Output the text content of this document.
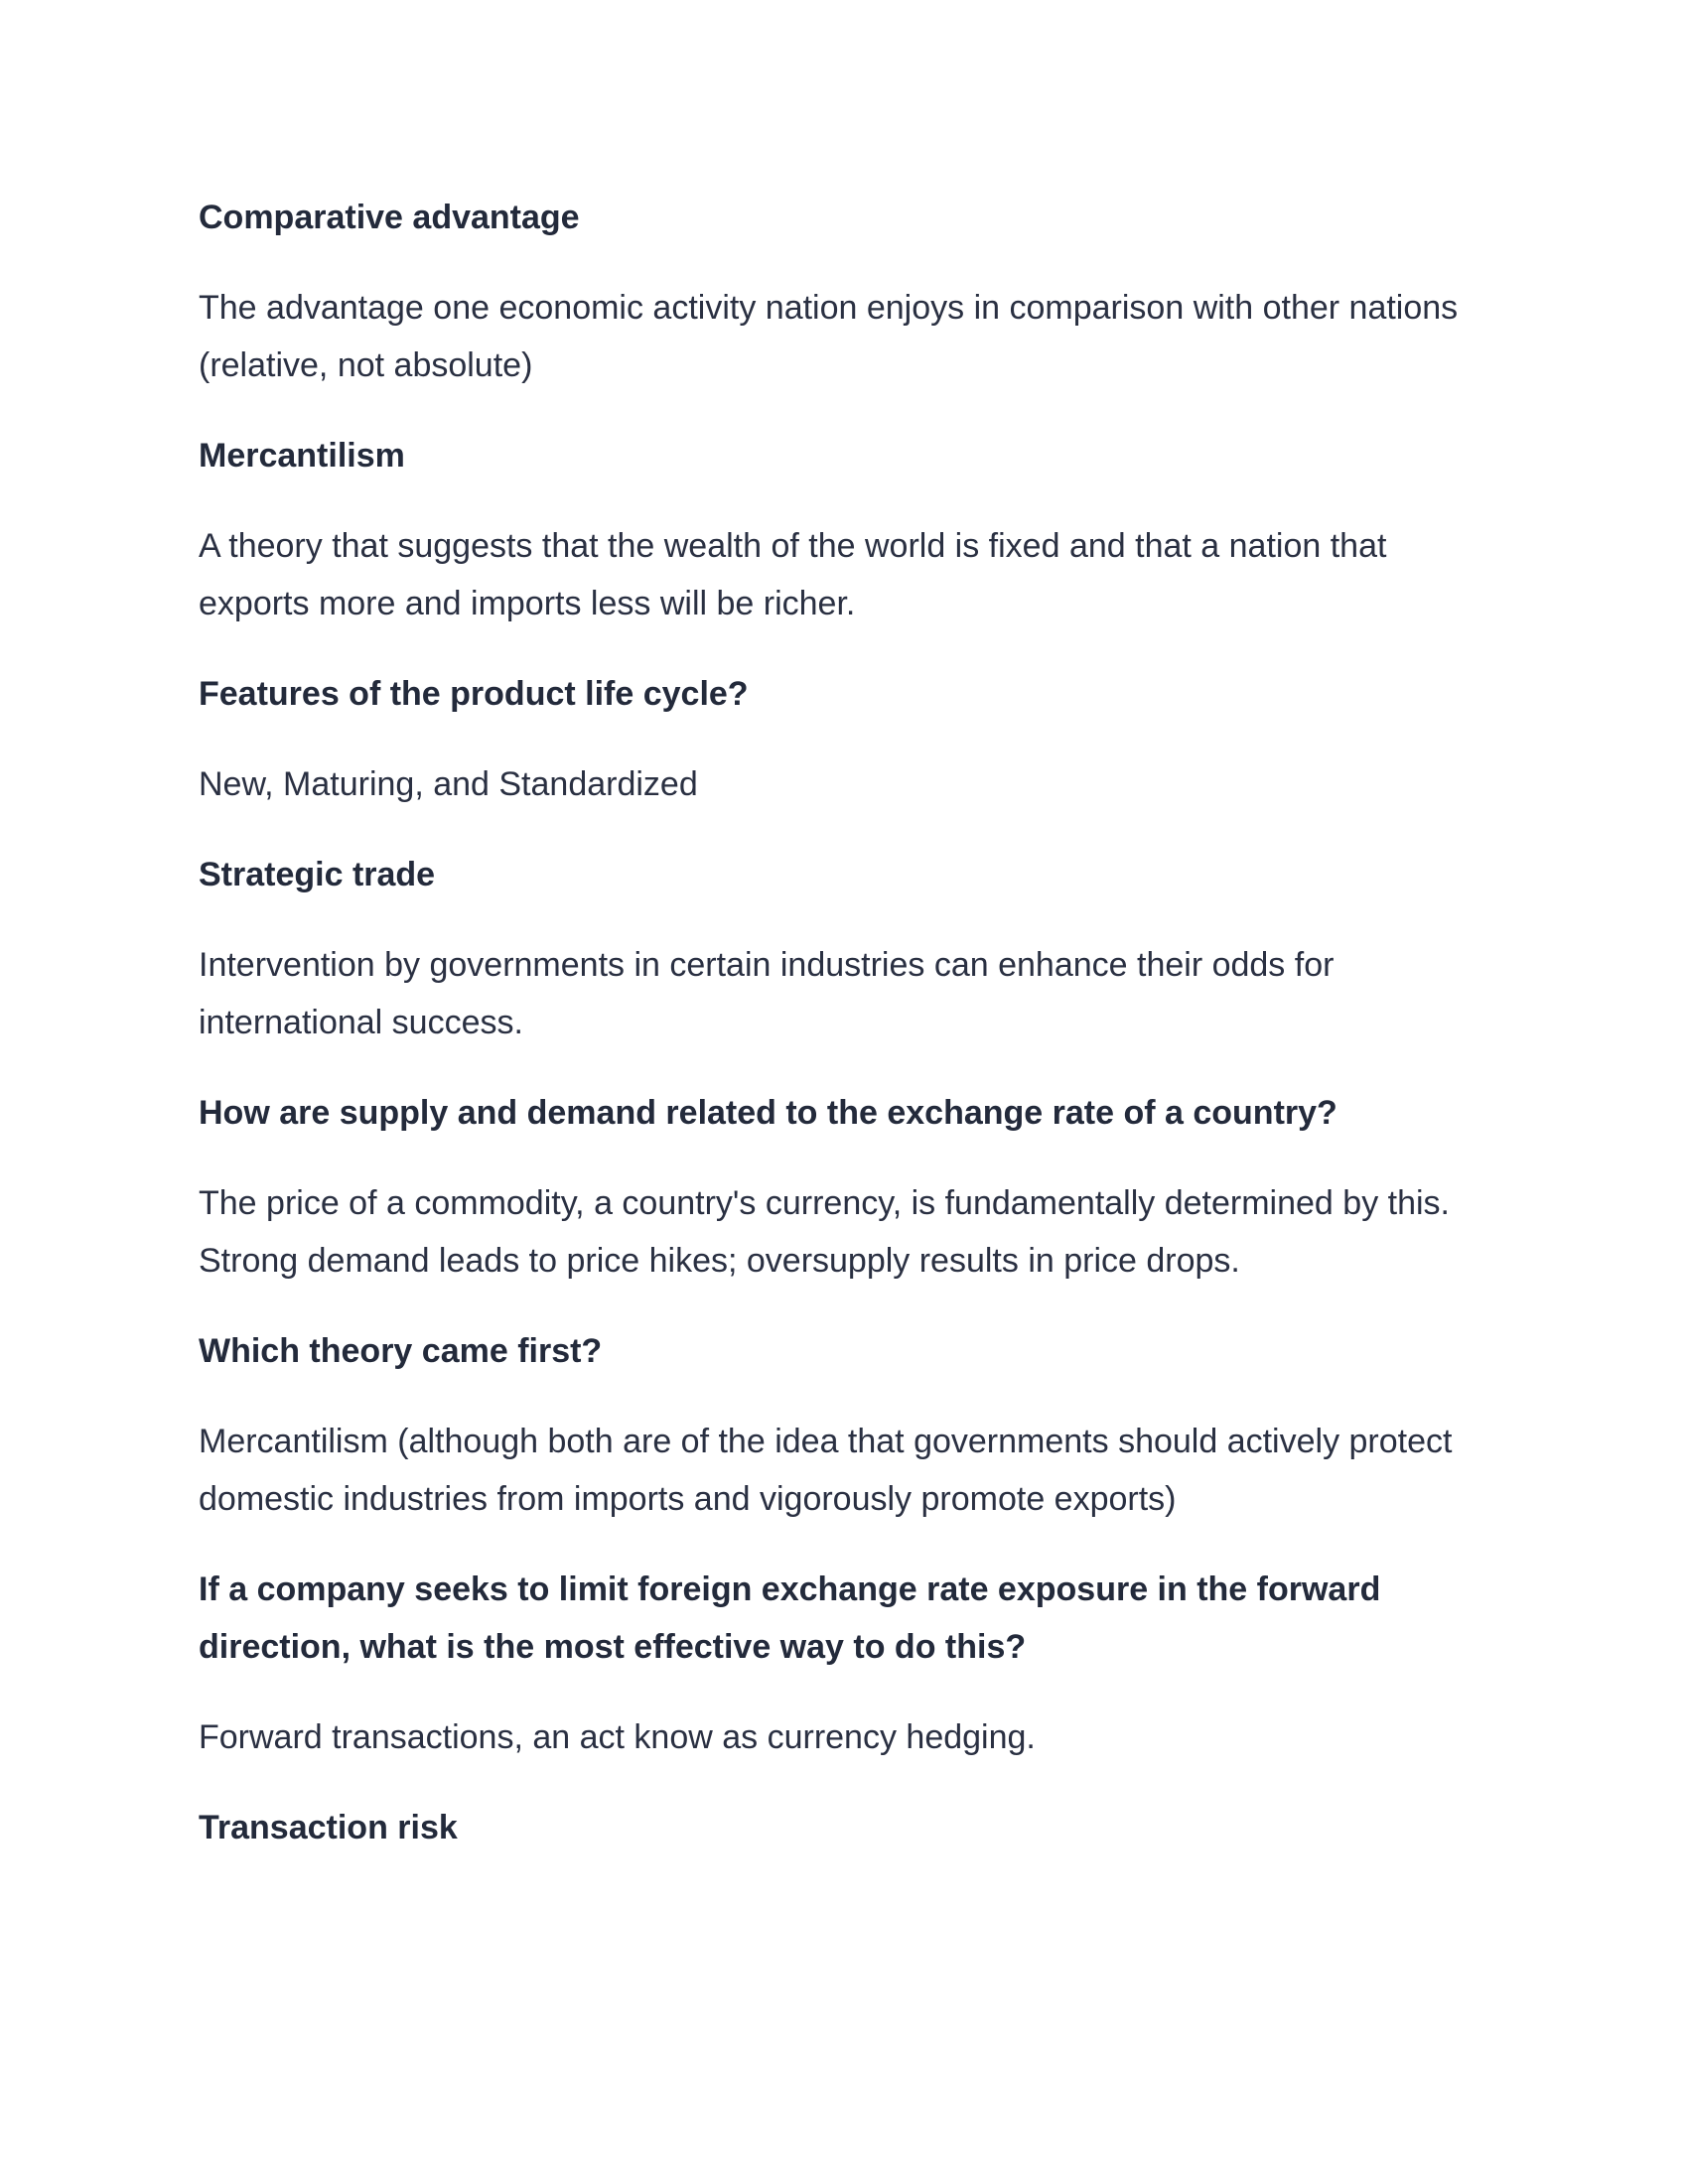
Comparative advantage

The advantage one economic activity nation enjoys in comparison with other nations (relative, not absolute)

Mercantilism

A theory that suggests that the wealth of the world is fixed and that a nation that exports more and imports less will be richer.

Features of the product life cycle?

New, Maturing, and Standardized

Strategic trade

Intervention by governments in certain industries can enhance their odds for international success.

How are supply and demand related to the exchange rate of a country?

The price of a commodity, a country's currency, is fundamentally determined by this. Strong demand leads to price hikes; oversupply results in price drops.

Which theory came first?

Mercantilism (although both are of the idea that governments should actively protect domestic industries from imports and vigorously promote exports)

If a company seeks to limit foreign exchange rate exposure in the forward direction, what is the most effective way to do this?

Forward transactions, an act know as currency hedging.

Transaction risk
